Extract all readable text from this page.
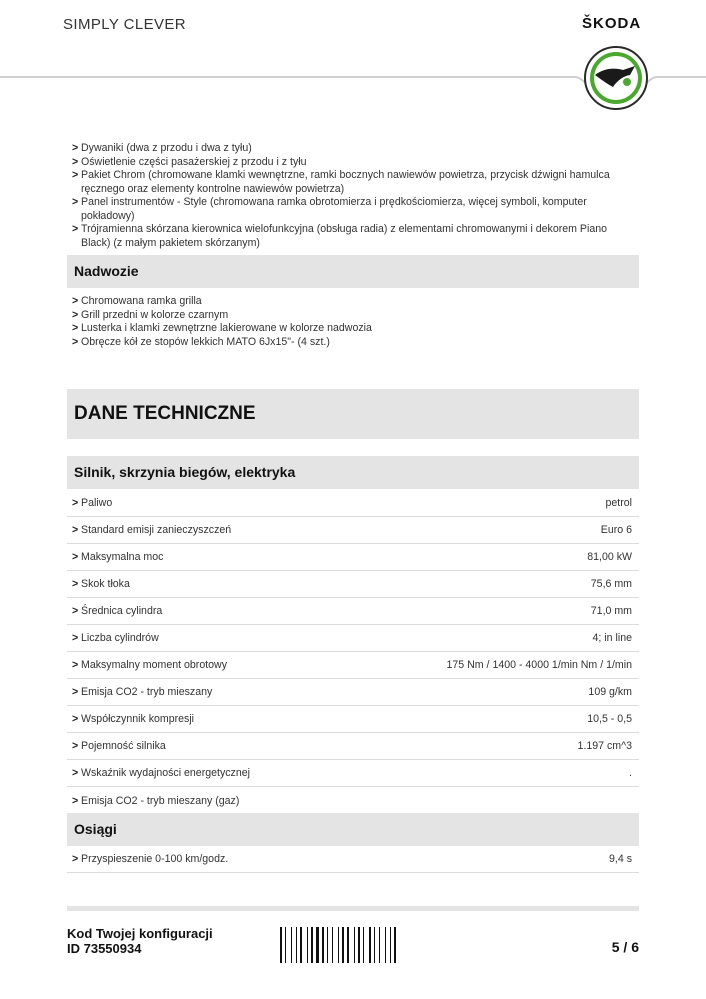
SIMPLY CLEVER	ŠKODA
> Dywaniki (dwa z przodu i dwa z tyłu)
> Oświetlenie części pasażerskiej z przodu i z tyłu
> Pakiet Chrom (chromowane klamki wewnętrzne, ramki bocznych nawiewów powietrza, przycisk dźwigni hamulca ręcznego oraz elementy kontrolne nawiewów powietrza)
> Panel instrumentów - Style (chromowana ramka obrotomierza i prędkościomierza, więcej symboli, komputer pokładowy)
> Trójramienna skórzana kierownica wielofunkcyjna (obsługa radia) z elementami chromowanymi i dekorem Piano Black) (z małym pakietem skórzanym)
Nadwozie
> Chromowana ramka grilla
> Grill przedni w kolorze czarnym
> Lusterka i klamki zewnętrzne lakierowane w kolorze nadwozia
> Obręcze kół ze stopów lekkich MATO 6Jx15"- (4 szt.)
DANE TECHNICZNE
Silnik, skrzynia biegów, elektryka
> Paliwo	petrol
> Standard emisji zanieczyszczeń	Euro 6
> Maksymalna moc	81,00 kW
> Skok tłoka	75,6 mm
> Średnica cylindra	71,0 mm
> Liczba cylindrów	4; in line
> Maksymalny moment obrotowy	175 Nm / 1400 - 4000 1/min Nm / 1/min
> Emisja CO2 - tryb mieszany	109 g/km
> Współczynnik kompresji	10,5 - 0,5
> Pojemność silnika	1.197 cm^3
> Wskaźnik wydajności energetycznej	.
> Emisja CO2 - tryb mieszany (gaz)
Osiągi
> Przyspieszenie 0-100 km/godz.	9,4 s
Kod Twojej konfiguracji
ID 73550934	5 / 6
